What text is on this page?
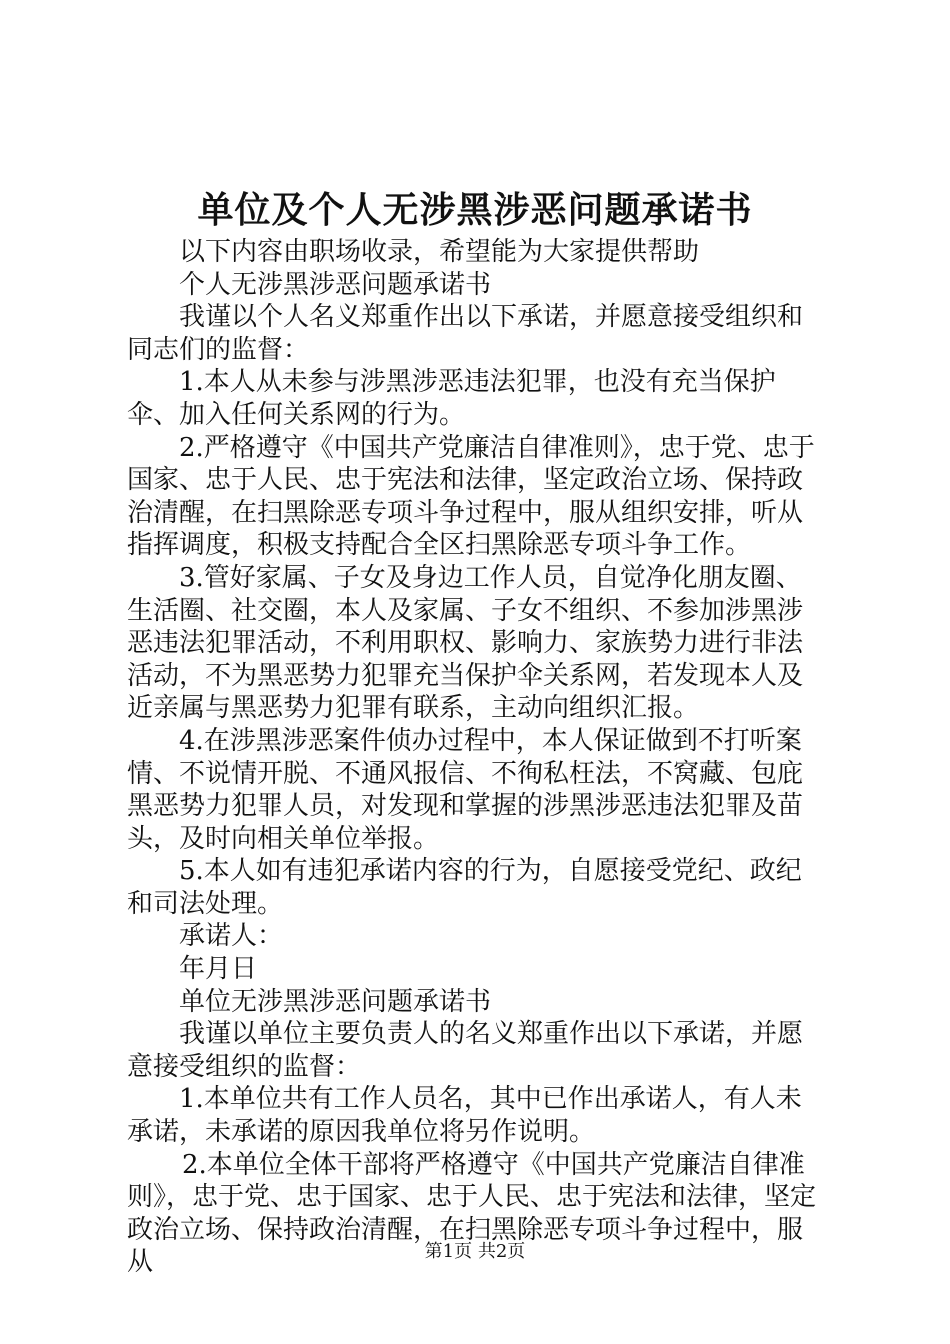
单位及个人无涉黑涉恶问题承诺书

以下内容由职场收录，希望能为大家提供帮助

个人无涉黑涉恶问题承诺书

我谨以个人名义郑重作出以下承诺，并愿意接受组织和同志们的监督：

1.本人从未参与涉黑涉恶违法犯罪，也没有充当保护伞、加入任何关系网的行为。

2.严格遵守《中国共产党廉洁自律准则》，忠于党、忠于国家、忠于人民、忠于宪法和法律，坚定政治立场、保持政治清醒，在扫黑除恶专项斗争过程中，服从组织安排，听从指挥调度，积极支持配合全区扫黑除恶专项斗争工作。

3.管好家属、子女及身边工作人员，自觉净化朋友圈、生活圈、社交圈，本人及家属、子女不组织、不参加涉黑涉恶违法犯罪活动，不利用职权、影响力、家族势力进行非法活动，不为黑恶势力犯罪充当保护伞关系网，若发现本人及近亲属与黑恶势力犯罪有联系，主动向组织汇报。

4.在涉黑涉恶案件侦办过程中，本人保证做到不打听案情、不说情开脱、不通风报信、不徇私枉法，不窝藏、包庇黑恶势力犯罪人员，对发现和掌握的涉黑涉恶违法犯罪及苗头，及时向相关单位举报。

5.本人如有违犯承诺内容的行为，自愿接受党纪、政纪和司法处理。

承诺人：

年月日

单位无涉黑涉恶问题承诺书

我谨以单位主要负责人的名义郑重作出以下承诺，并愿意接受组织的监督：

1.本单位共有工作人员名，其中已作出承诺人，有人未承诺，未承诺的原因我单位将另作说明。

2.本单位全体干部将严格遵守《中国共产党廉洁自律准则》，忠于党、忠于国家、忠于人民、忠于宪法和法律，坚定政治立场、保持政治清醒，在扫黑除恶专项斗争过程中，服从	第1页 共2页
